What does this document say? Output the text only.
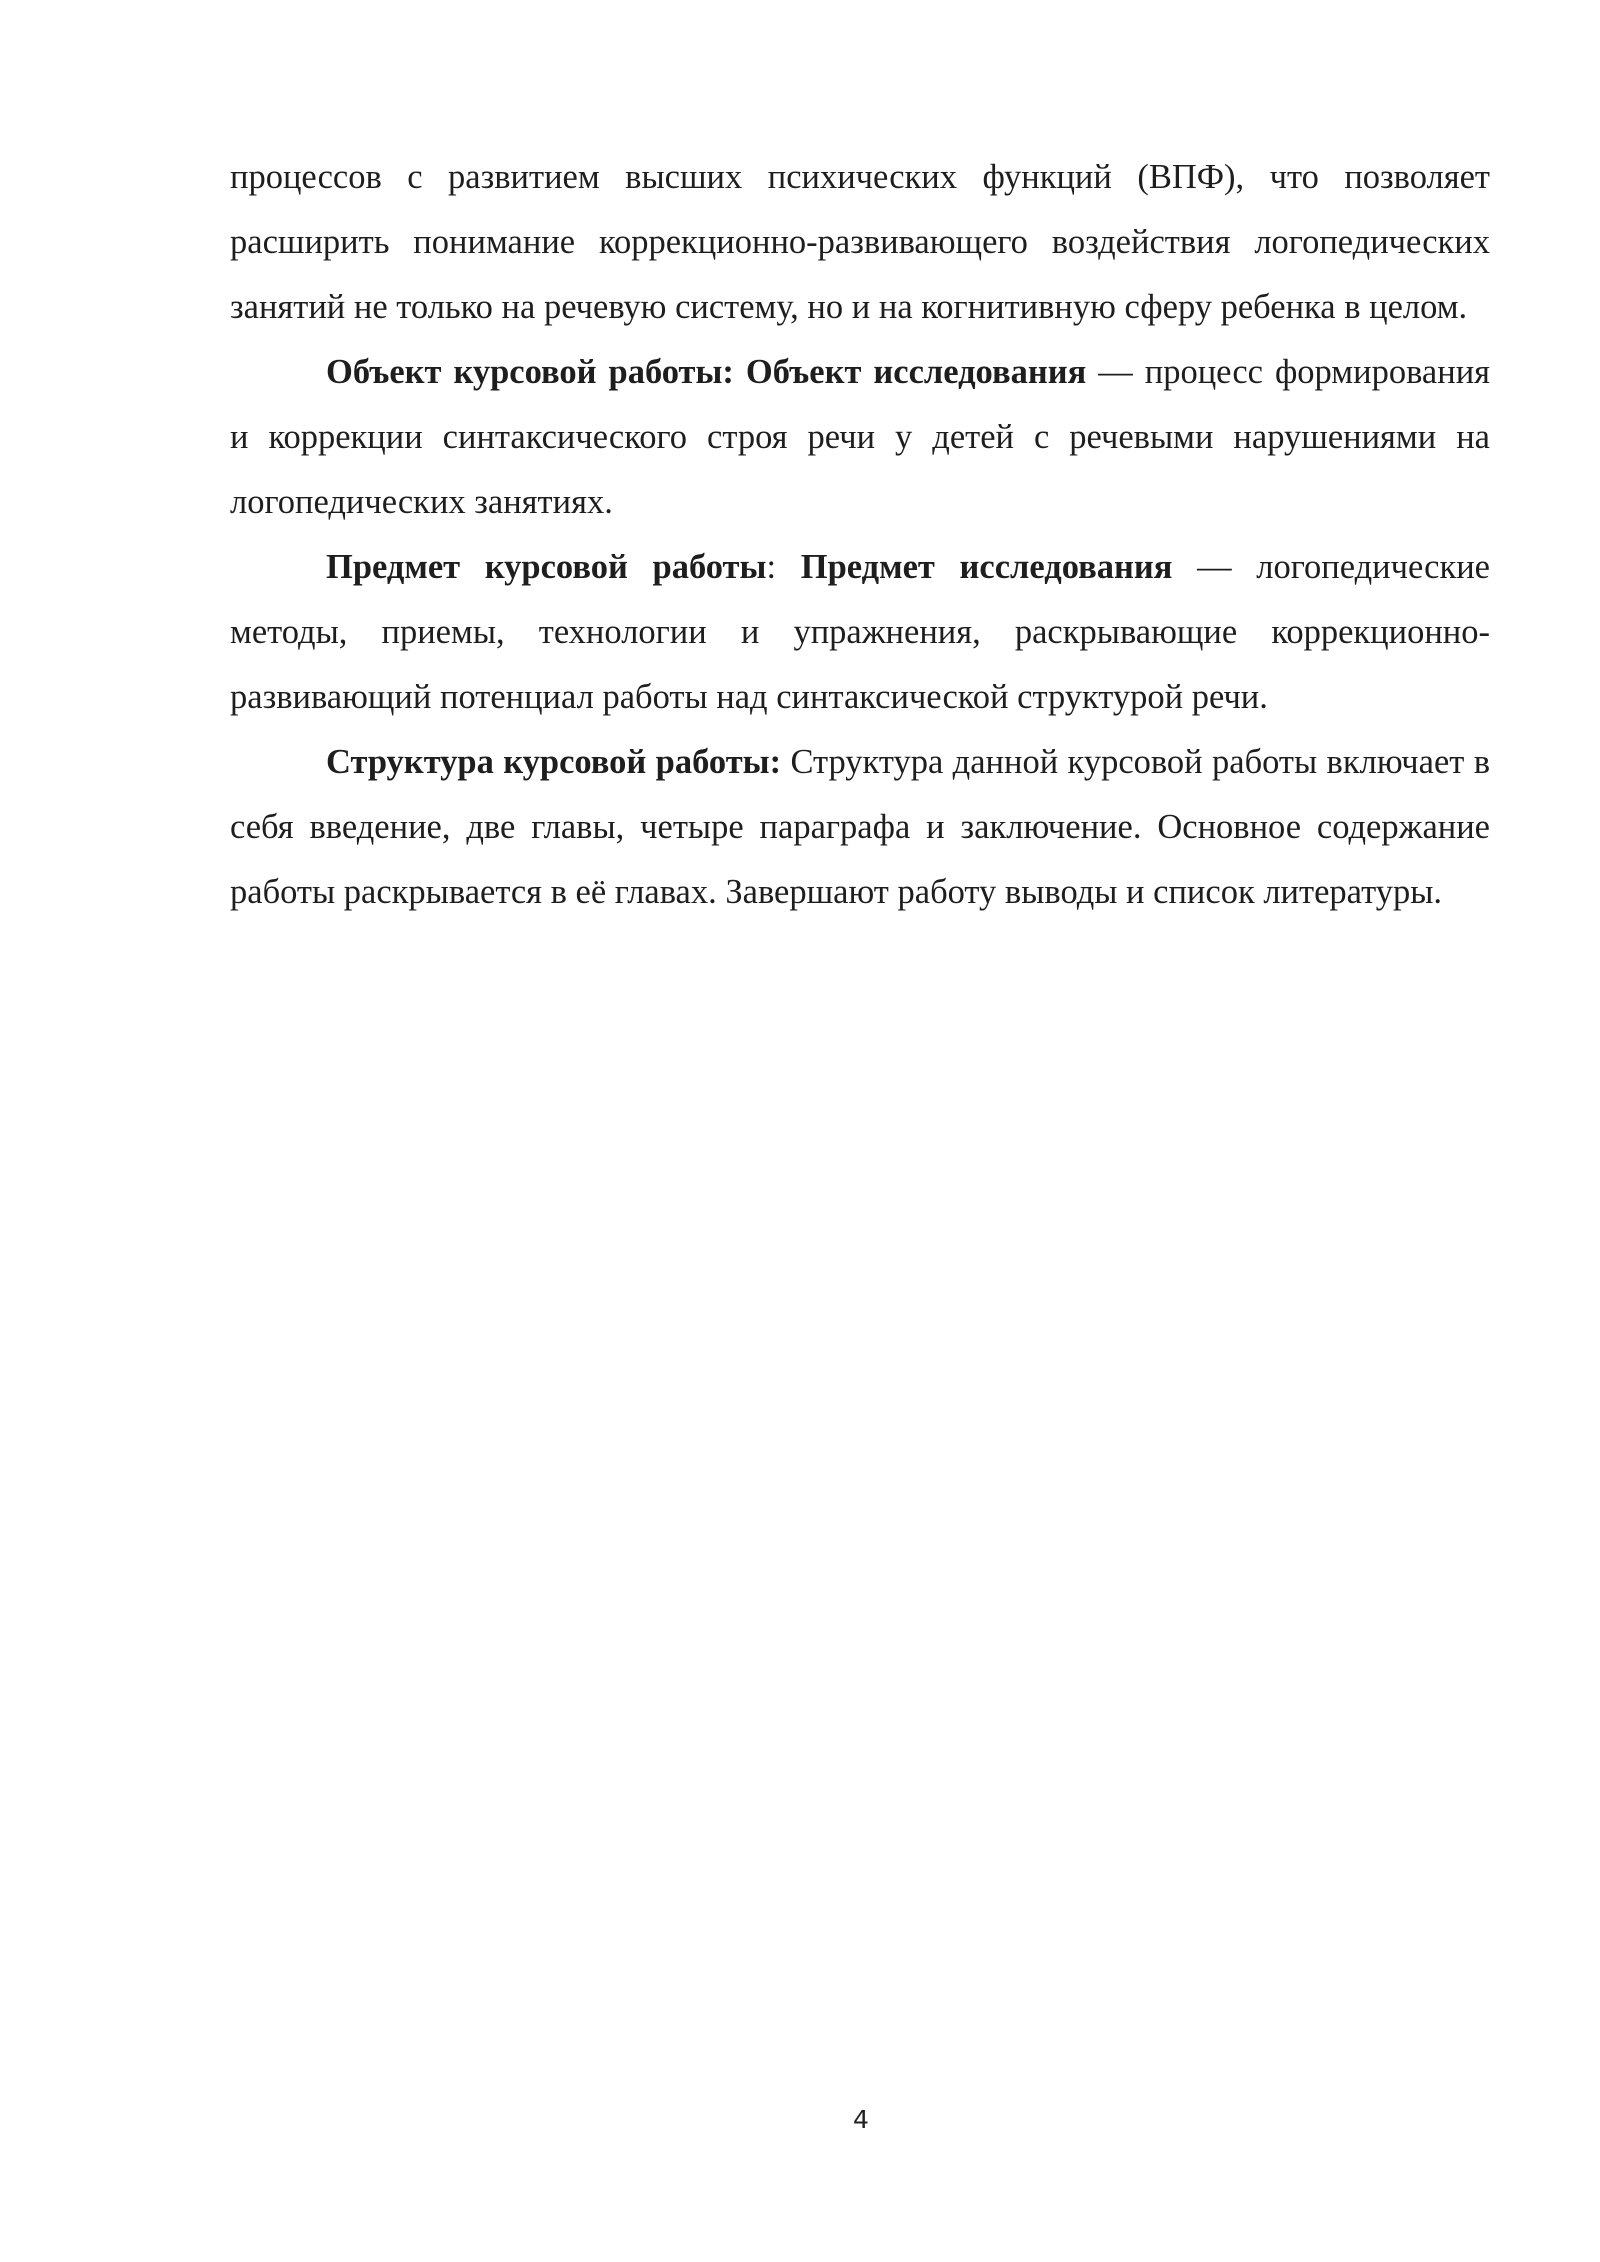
процессов с развитием высших психических функций (ВПФ), что позволяет расширить понимание коррекционно-развивающего воздействия логопедических занятий не только на речевую систему, но и на когнитивную сферу ребенка в целом.

Объект курсовой работы: Объект исследования — процесс формирования и коррекции синтаксического строя речи у детей с речевыми нарушениями на логопедических занятиях.

Предмет курсовой работы: Предмет исследования — логопедические методы, приемы, технологии и упражнения, раскрывающие коррекционно-развивающий потенциал работы над синтаксической структурой речи.

Структура курсовой работы: Структура данной курсовой работы включает в себя введение, две главы, четыре параграфа и заключение. Основное содержание работы раскрывается в её главах. Завершают работу выводы и список литературы.

4
